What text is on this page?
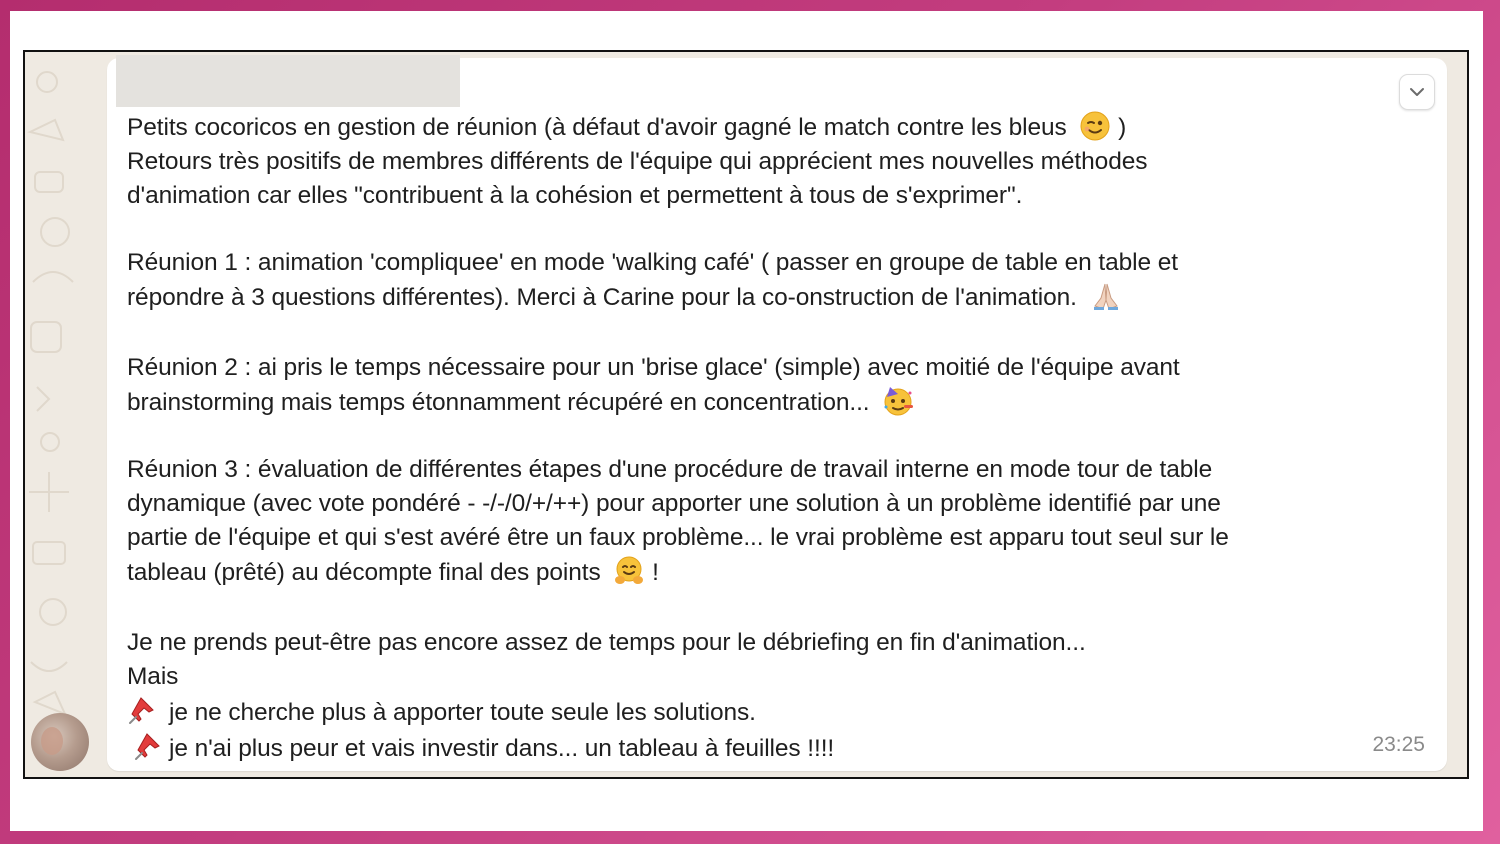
Petits cocoricos en gestion de réunion (à défaut d'avoir gagné le match contre les bleus )
Retours très positifs de membres différents de l'équipe qui apprécient mes nouvelles méthodes
d'animation car elles "contribuent à la cohésion et permettent à tous de s'exprimer".
Réunion 1 : animation 'compliquee' en mode 'walking café' ( passer en groupe de table en table et
répondre à 3 questions différentes). Merci à Carine pour la co-onstruction de l'animation.
Réunion 2 : ai pris le temps nécessaire pour un 'brise glace' (simple) avec moitié de l'équipe avant
brainstorming mais temps étonnamment récupéré en concentration...
Réunion 3 : évaluation de différentes étapes d'une procédure de travail interne en mode tour de table
dynamique (avec vote pondéré - -/-/0/+/++) pour apporter une solution à un problème identifié par une
partie de l'équipe et qui s'est avéré être un faux problème... le vrai problème est apparu tout seul sur le
tableau (prêté) au décompte final des points !
Je ne prends peut-être pas encore assez de temps pour le débriefing en fin d'animation...
Mais
je ne cherche plus à apporter toute seule les solutions.
je n'ai plus peur et vais investir dans... un tableau à feuilles !!!!	23:25
